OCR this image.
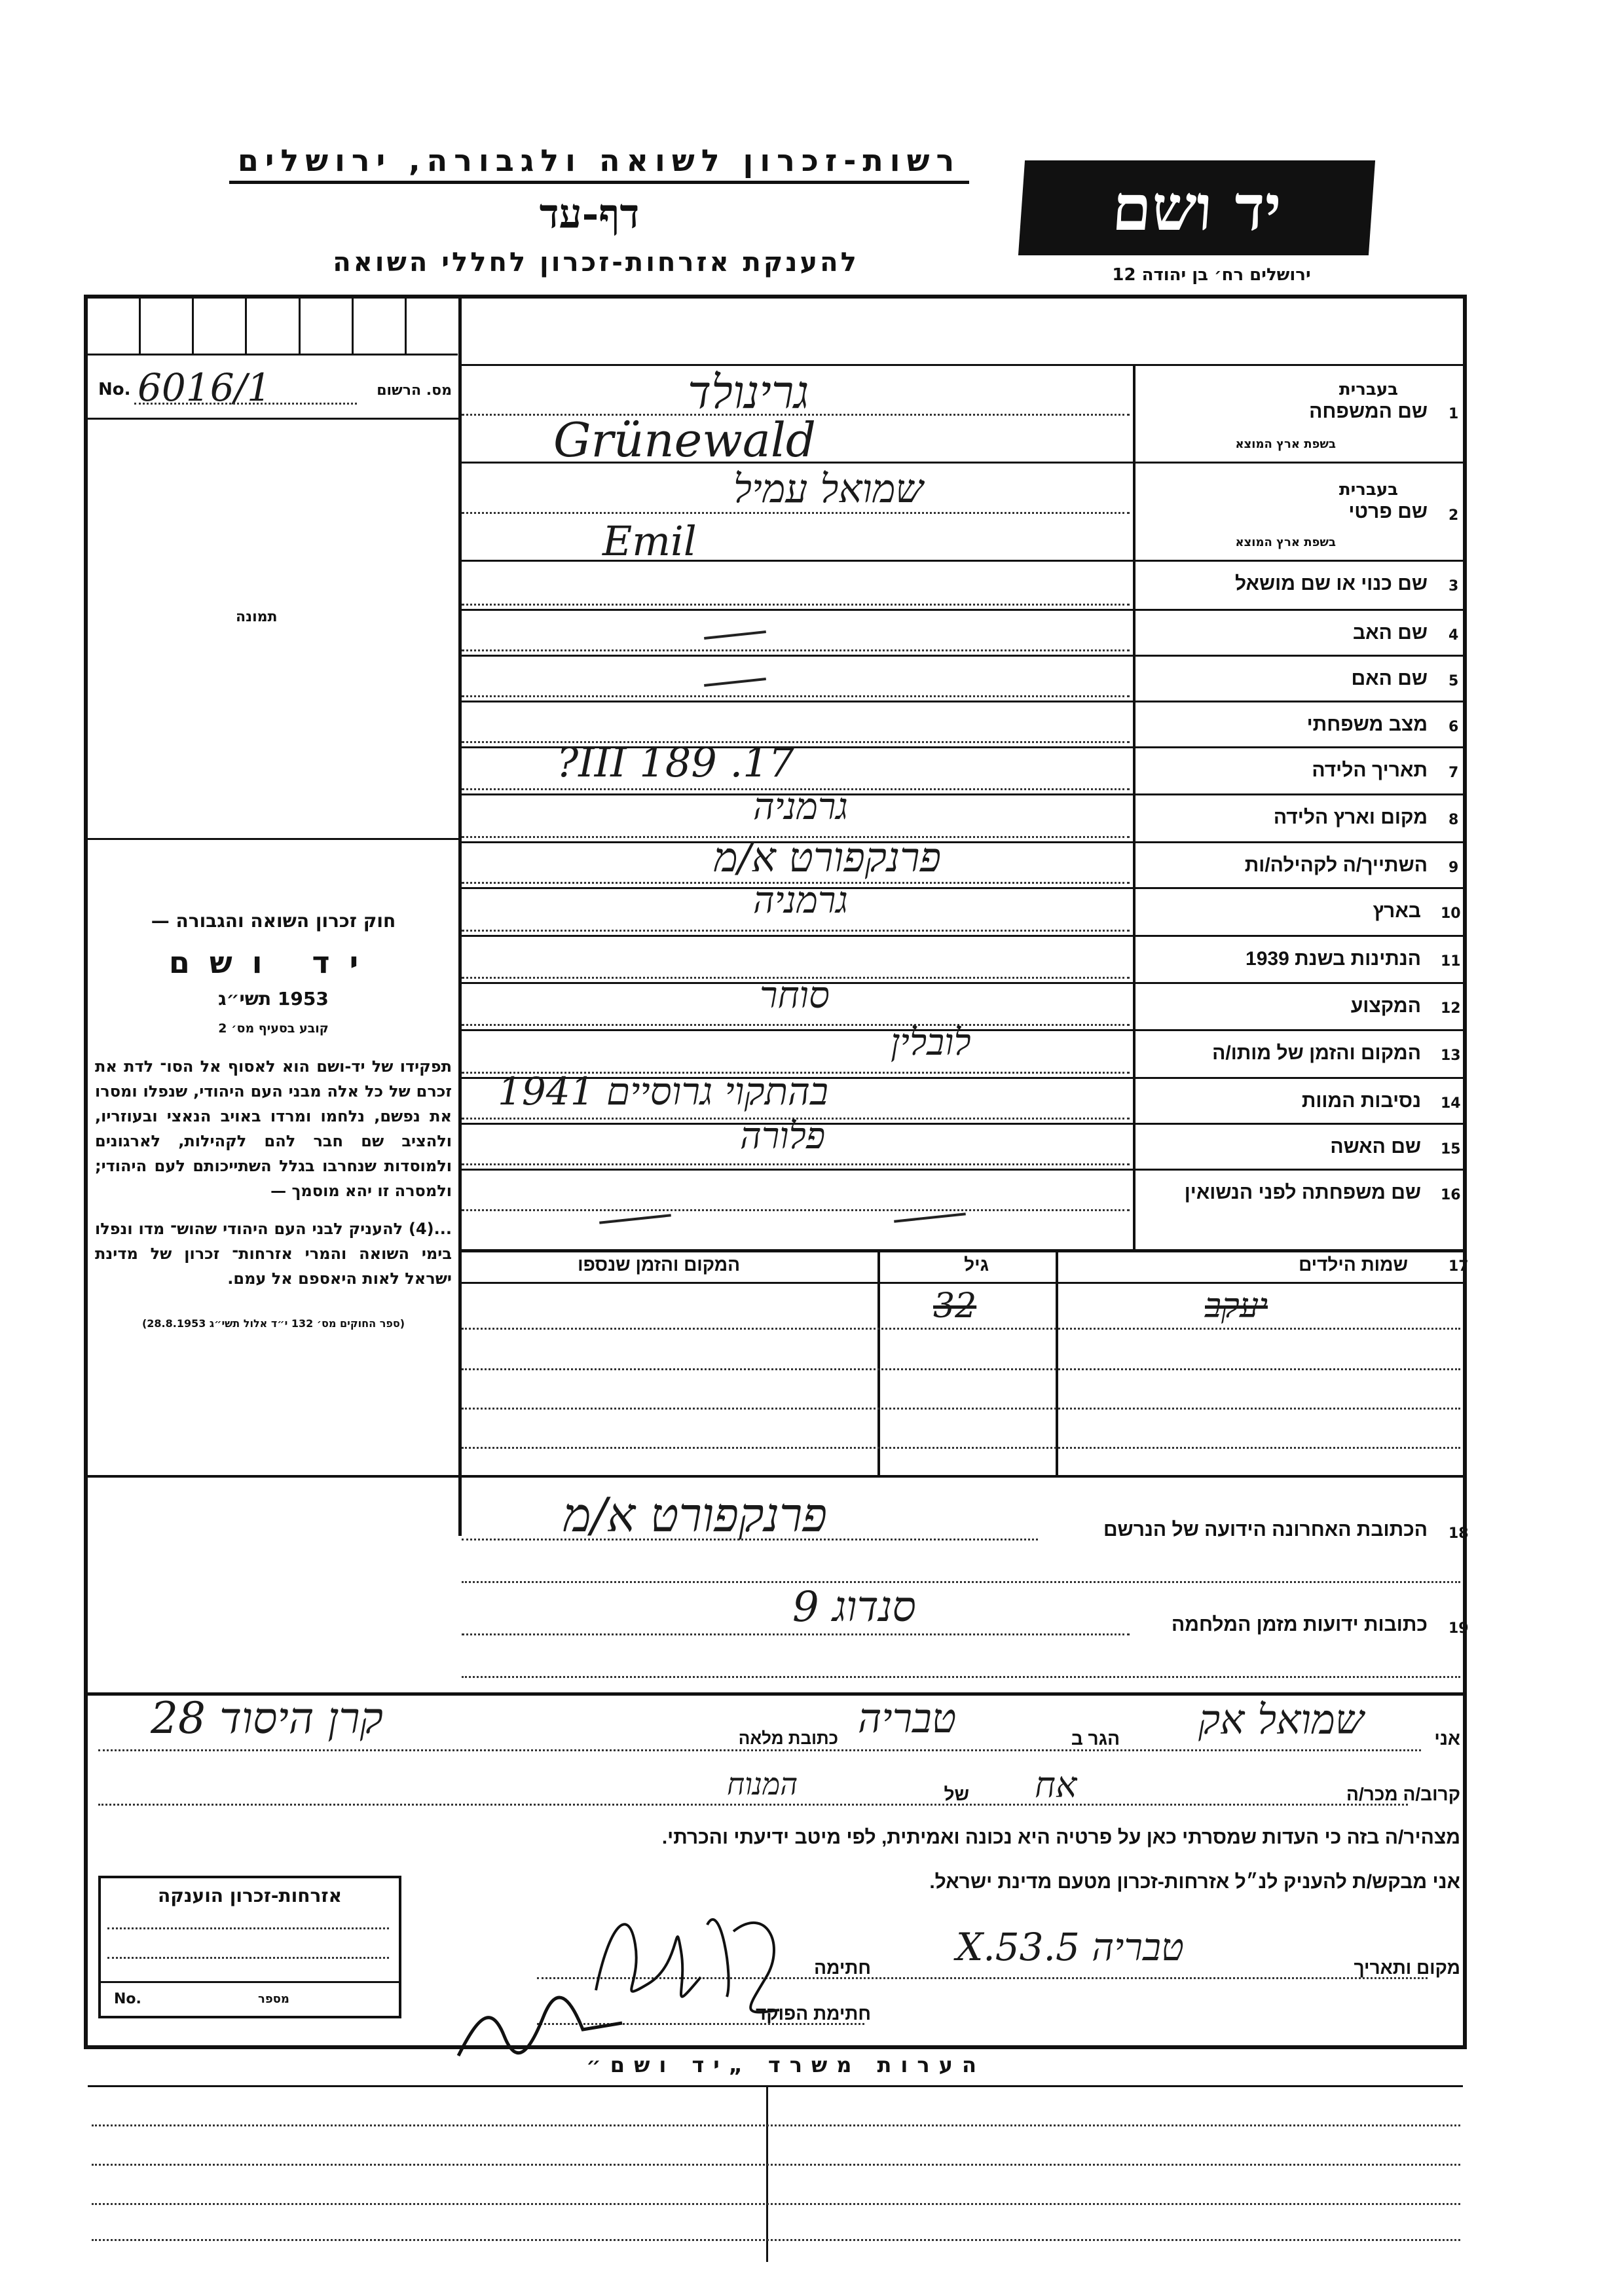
רשות-זכרון לשואה ולגבורה, ירושלים
דף-עד
להענקת אזרחות-זכרון לחללי השואה
יד ושם
ירושלים רח׳ בן יהודה 12
No. 6016/1	מס. הרשום
תמונה
חוק זכרון השואה והגבורה —
יד ושם
1953 תשי״ג
קובע בסעיף מס׳ 2
תפקידו של יד-ושם הוא לאסוף אל הסו־ לדת את זכרם של כל אלה מבני העם היהודי, שנפלו ומסרו את נפשם, נלחמו ומרדו באויב הנאצי ובעוזריו, ולהציב שם חבר להם לקהילות, לארגונים ולמוסדות שנחרבו בגלל השתייכותם לעם היהודי; ולמסרה זו יהא מוסמך —
...(4) להעניק לבני העם היהודי שהוש־ מדו ונפלו בימי השואה והמרי אזרחות־ זכרון של מדינת ישראל לאות היאספם אל עמם.
(ספר החוקים מס׳ 132 י״ד אלול תשי״ג 28.8.1953)
1
שם המשפחה
בעברית
בשפת ארץ המוצא
גרינולד
Grünewald
2
שם פרטי
בעברית
בשפת ארץ המוצא
שמואל עמיל
Emil
3
שם כנוי או שם מושאל
4
שם האב
5
שם האם
6
מצב משפחתי
7
תאריך הלידה
17. III 189?
8
מקום וארץ הלידה
גרמניה
9
השתייך/ה לקהילה/ות
פרנקפורט א/מ
10
בארץ
גרמניה
11
הנתינות בשנת 1939
12
המקצוע
סוחר
13
המקום והזמן של מותו/ה
לובלין
14
נסיבות המוות
בהתקוי גרוסיים 1941
15
שם האשה
פלורה
16
שם משפחתה לפני הנשואין
17
שמות הילדים
גיל
המקום והזמן שנספו
יעקב
32
18
הכתובת האחרונה הידועה של הנרשם
פרנקפורט א/מ
19
כתובות ידועות מזמן המלחמה
סנדוג 9
אני
שמואל אק
הגר ב
טבריה
כתובת מלאה
קרן היסוד 28
קרוב/ה מכר/ה
אח
של
המנוח
מצהיר/ה בזה כי העדות שמסרתי כאן על פרטיה היא נכונה ואמיתית, לפי מיטב ידיעתי והכרתי.
אני מבקש/ת להעניק לנ״ל אזרחות-זכרון מטעם מדינת ישראל.
מקום ותאריך
טבריה 5.X.53
חתימה
חתימת הפוקד
אזרחות-זכרון הוענקה
No.	מספר
הערות משרד „יד ושם״
